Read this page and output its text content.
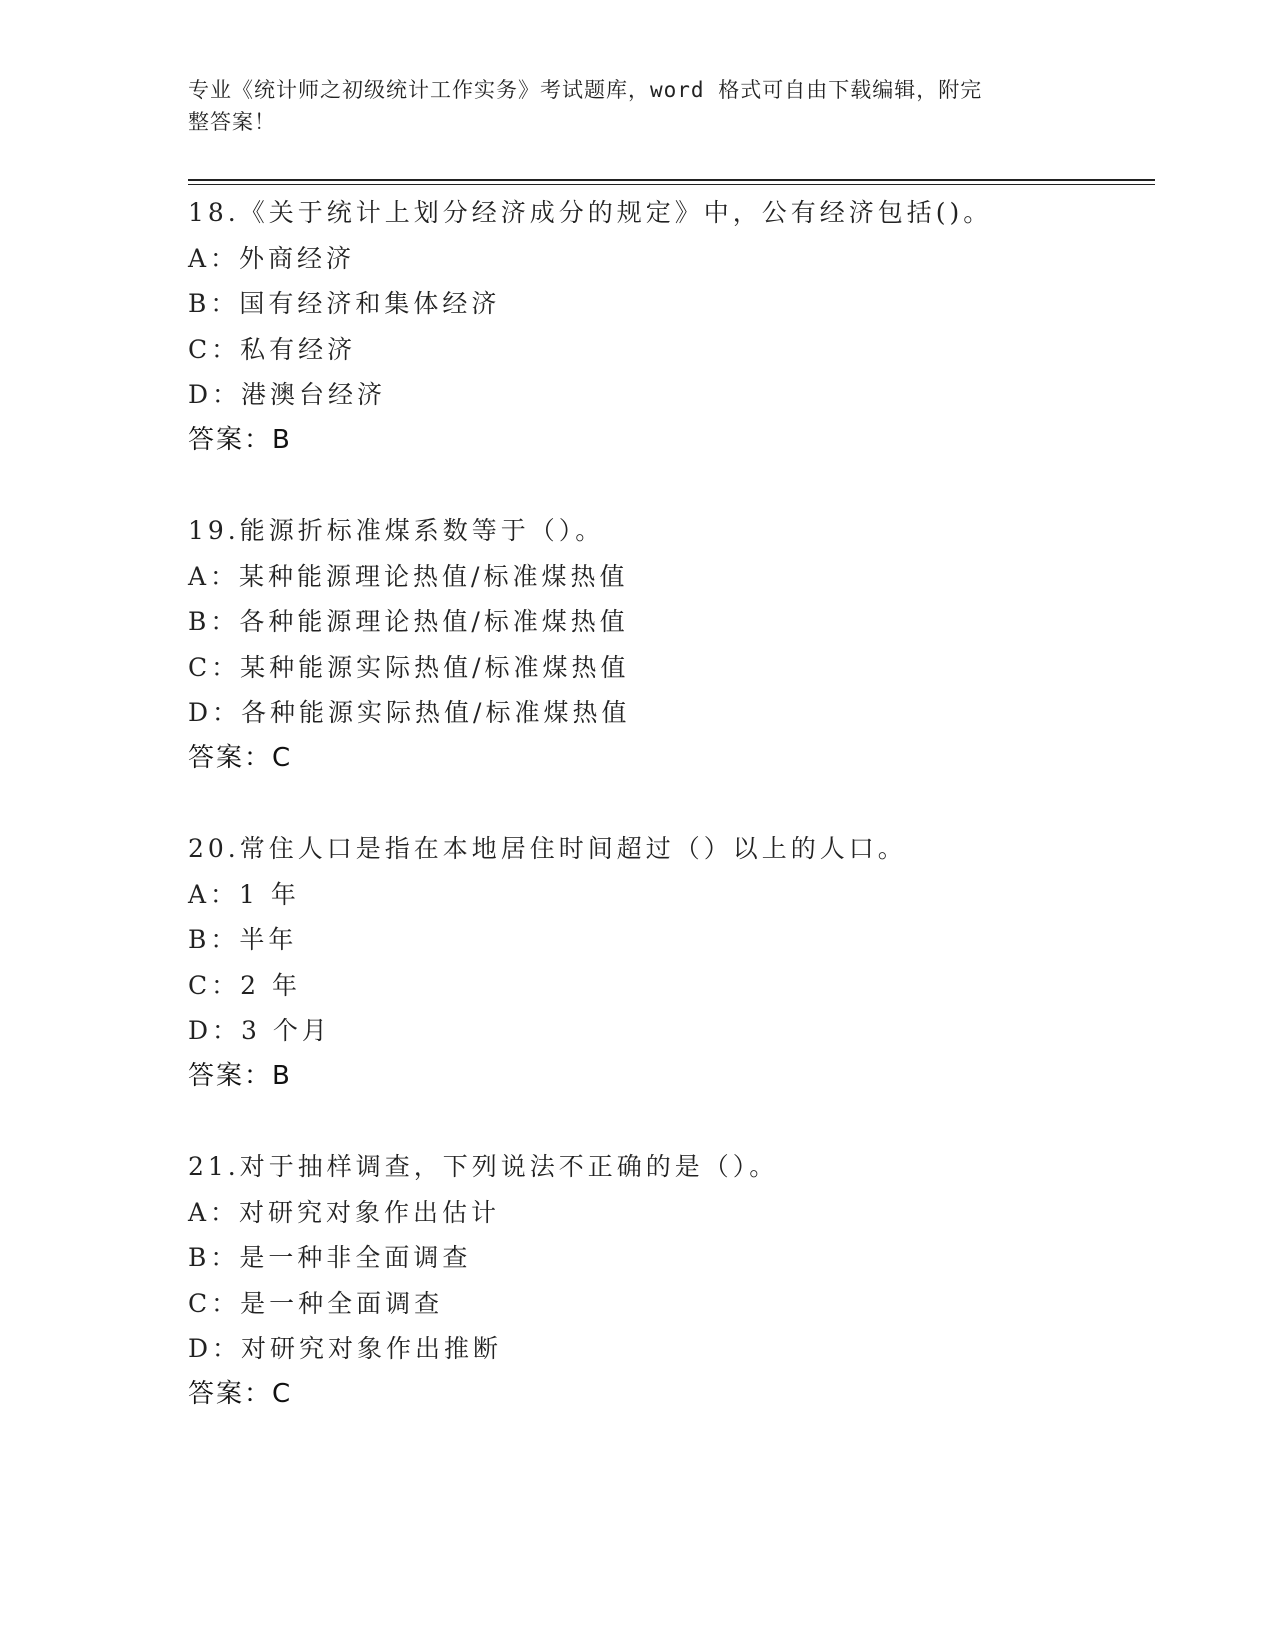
专业《统计师之初级统计工作实务》考试题库，word 格式可自由下载编辑，附完
整答案！
18.《关于统计上划分经济成分的规定》中，公有经济包括()。
A：外商经济
B：国有经济和集体经济
C：私有经济
D：港澳台经济
答案：B
19.能源折标准煤系数等于（）。
A：某种能源理论热值/标准煤热值
B：各种能源理论热值/标准煤热值
C：某种能源实际热值/标准煤热值
D：各种能源实际热值/标准煤热值
答案：C
20.常住人口是指在本地居住时间超过（）以上的人口。
A：1 年
B：半年
C：2 年
D：3 个月
答案：B
21.对于抽样调查，下列说法不正确的是（）。
A：对研究对象作出估计
B：是一种非全面调查
C：是一种全面调查
D：对研究对象作出推断
答案：C
